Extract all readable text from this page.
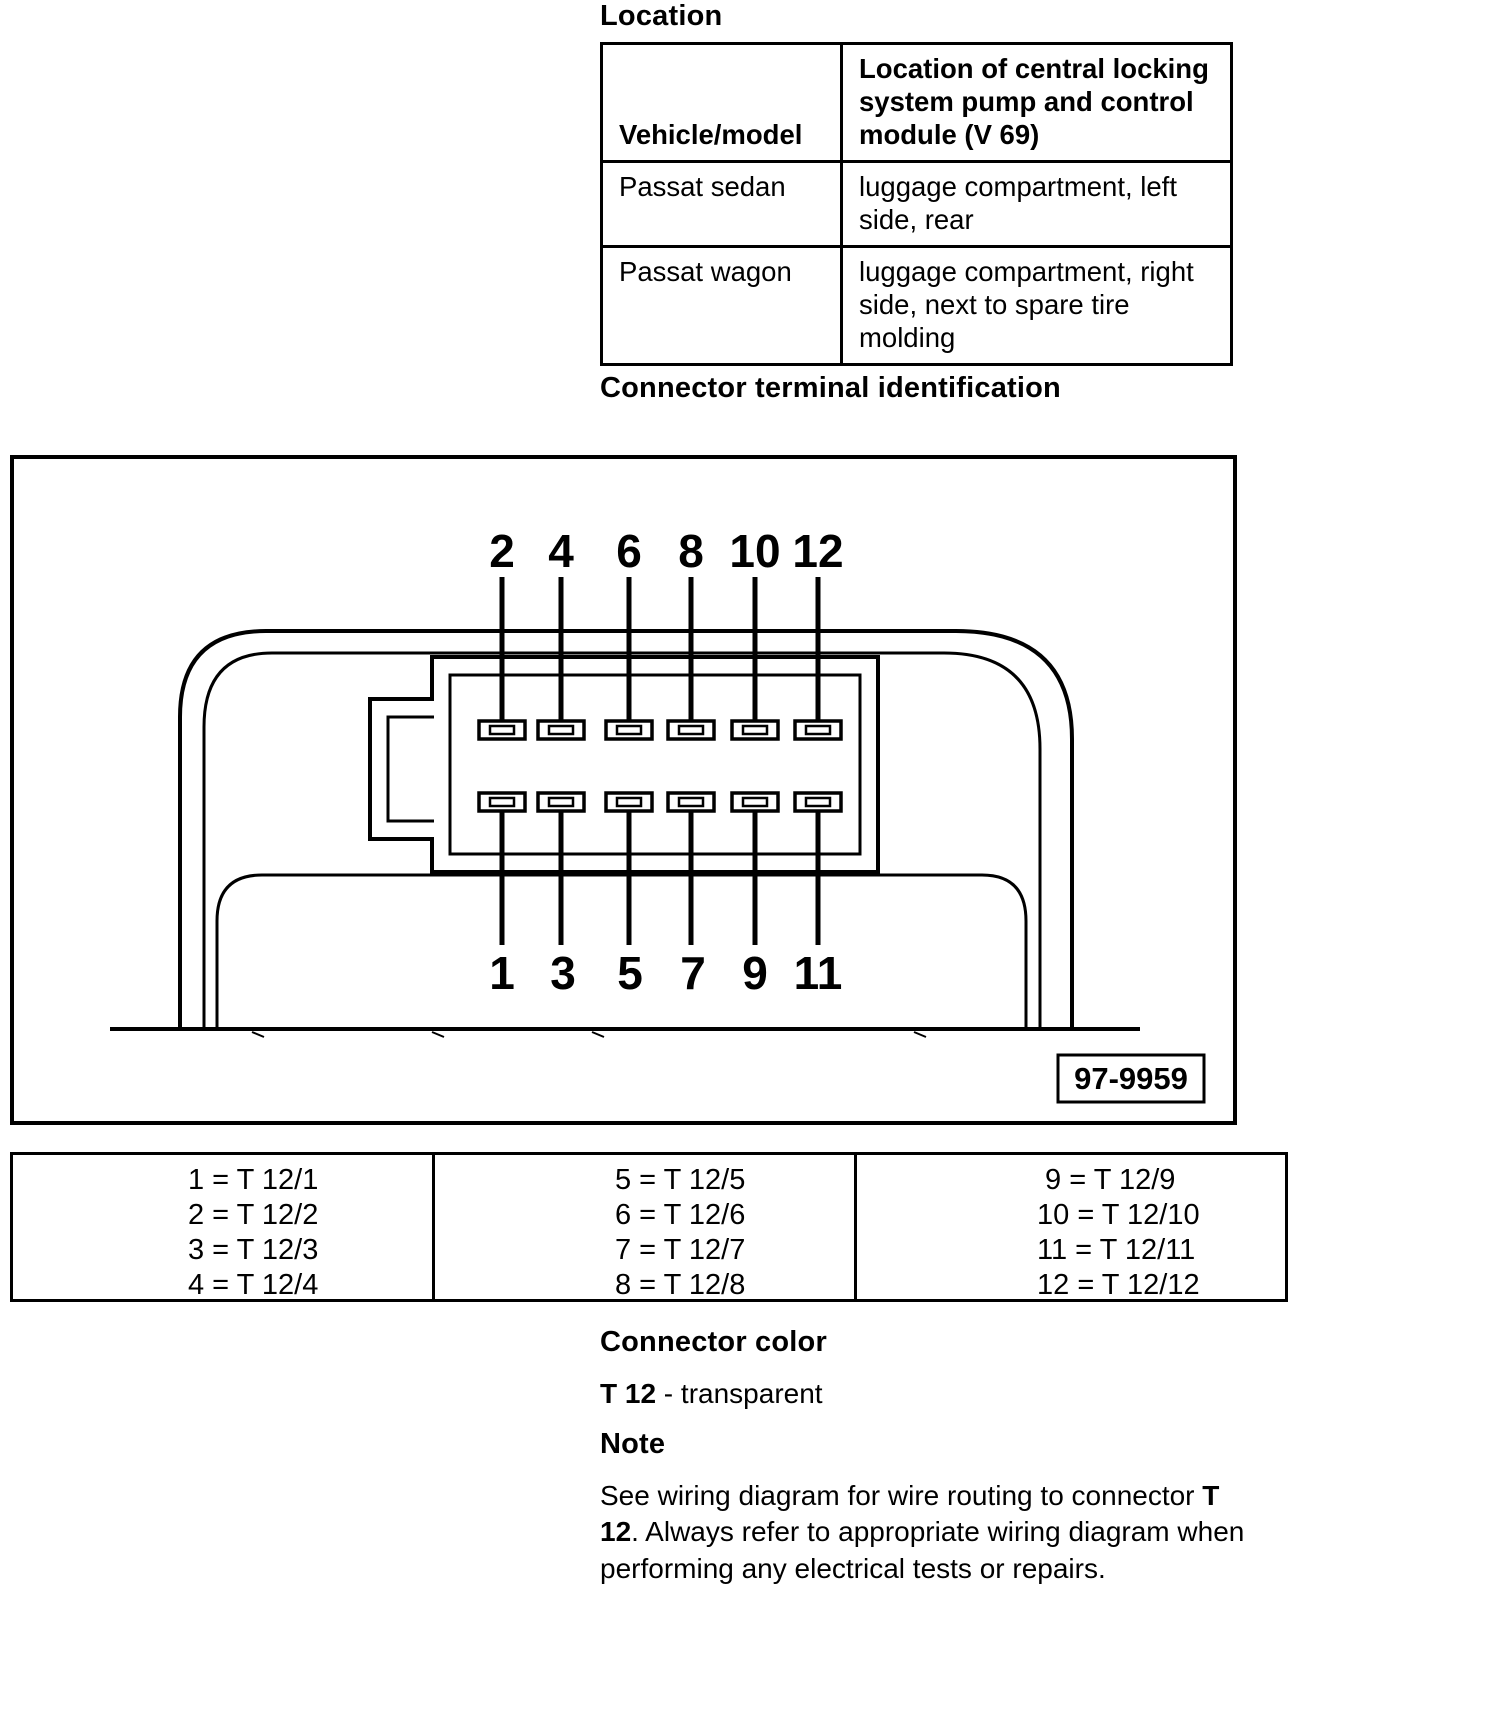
Location
Vehicle/model	Location of central locking system pump and control module (V 69)
Passat sedan	luggage compartment, left side, rear
Passat wagon	luggage compartment, right side, next to spare tire molding
Connector terminal identification
2 4 6 8 10 12
1 3 5 7 9 11
97-9959
1 = T 12/1
2 = T 12/2
3 = T 12/3
4 = T 12/4
5 = T 12/5
6 = T 12/6
7 = T 12/7
8 = T 12/8
9 = T 12/9
10 = T 12/10
11 = T 12/11
12 = T 12/12
Connector color

T 12 - transparent

Note

See wiring diagram for wire routing to connector T 12. Always refer to appropriate wiring diagram when performing any electrical tests or repairs.
